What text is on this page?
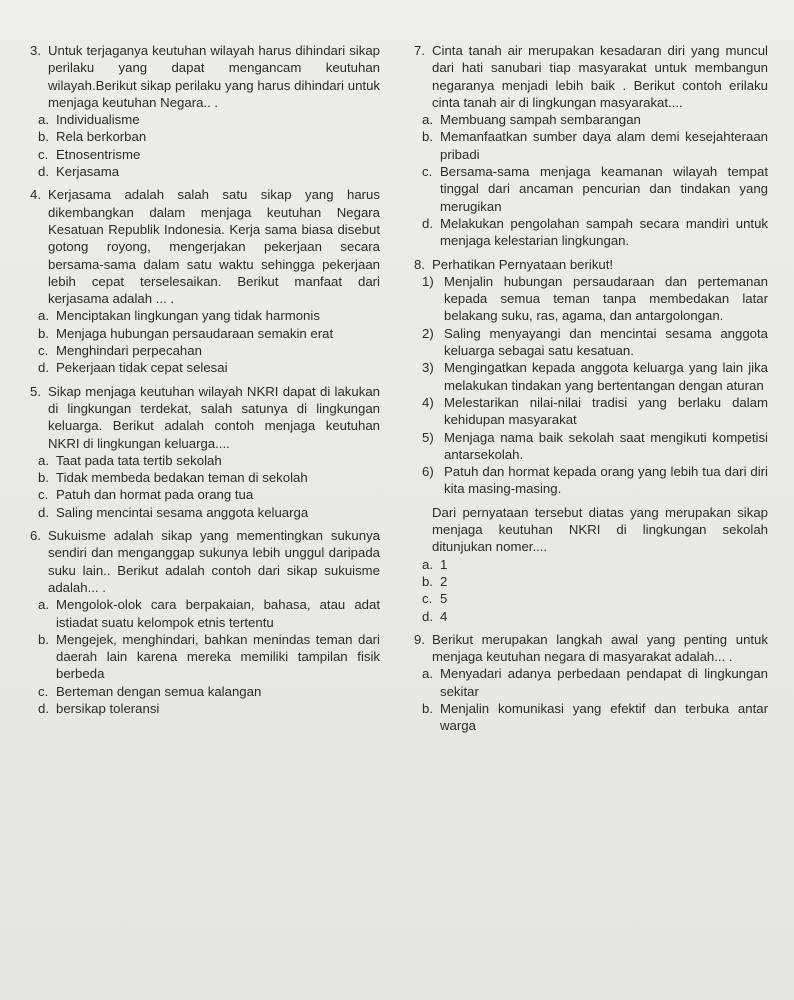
3. Untuk terjaganya keutuhan wilayah harus dihindari sikap perilaku yang dapat mengancam keutuhan wilayah.Berikut sikap perilaku yang harus dihindari untuk menjaga keutuhan Negara.. .
a. Individualisme
b. Rela berkorban
c. Etnosentrisme
d. Kerjasama
4. Kerjasama adalah salah satu sikap yang harus dikembangkan dalam menjaga keutuhan Negara Kesatuan Republik Indonesia. Kerja sama biasa disebut gotong royong, mengerjakan pekerjaan secara bersama-sama dalam satu waktu sehingga pekerjaan lebih cepat terselesaikan. Berikut manfaat dari kerjasama adalah ... .
a. Menciptakan lingkungan yang tidak harmonis
b. Menjaga hubungan persaudaraan semakin erat
c. Menghindari perpecahan
d. Pekerjaan tidak cepat selesai
5. Sikap menjaga keutuhan wilayah NKRI dapat di lakukan di lingkungan terdekat, salah satunya di lingkungan keluarga. Berikut adalah contoh menjaga keutuhan NKRI di lingkungan keluarga....
a. Taat pada tata tertib sekolah
b. Tidak membeda bedakan teman di sekolah
c. Patuh dan hormat pada orang tua
d. Saling mencintai sesama anggota keluarga
6. Sukuisme adalah sikap yang mementingkan sukunya sendiri dan menganggap sukunya lebih unggul daripada suku lain.. Berikut adalah contoh dari sikap sukuisme adalah... .
a. Mengolok-olok cara berpakaian, bahasa, atau adat istiadat suatu kelompok etnis tertentu
b. Mengejek, menghindari, bahkan menindas teman dari daerah lain karena mereka memiliki tampilan fisik berbeda
c. Berteman dengan semua kalangan
d. bersikap toleransi
7. Cinta tanah air merupakan kesadaran diri yang muncul dari hati sanubari tiap masyarakat untuk membangun negaranya menjadi lebih baik . Berikut contoh erilaku cinta tanah air di lingkungan masyarakat....
a. Membuang sampah sembarangan
b. Memanfaatkan sumber daya alam demi kesejahteraan pribadi
c. Bersama-sama menjaga keamanan wilayah tempat tinggal dari ancaman pencurian dan tindakan yang merugikan
d. Melakukan pengolahan sampah secara mandiri untuk menjaga kelestarian lingkungan.
8. Perhatikan Pernyataan berikut!
1) Menjalin hubungan persaudaraan dan pertemanan kepada semua teman tanpa membedakan latar belakang suku, ras, agama, dan antargolongan.
2) Saling menyayangi dan mencintai sesama anggota keluarga sebagai satu kesatuan.
3) Mengingatkan kepada anggota keluarga yang lain jika melakukan tindakan yang bertentangan dengan aturan
4) Melestarikan nilai-nilai tradisi yang berlaku dalam kehidupan masyarakat
5) Menjaga nama baik sekolah saat mengikuti kompetisi antarsekolah.
6) Patuh dan hormat kepada orang yang lebih tua dari diri kita masing-masing.
Dari pernyataan tersebut diatas yang merupakan sikap menjaga keutuhan NKRI di lingkungan sekolah ditunjukan nomer....
a. 1
b. 2
c. 5
d. 4
9. Berikut merupakan langkah awal yang penting untuk menjaga keutuhan negara di masyarakat adalah... .
a. Menyadari adanya perbedaan pendapat di lingkungan sekitar
b. Menjalin komunikasi yang efektif dan terbuka antar warga
